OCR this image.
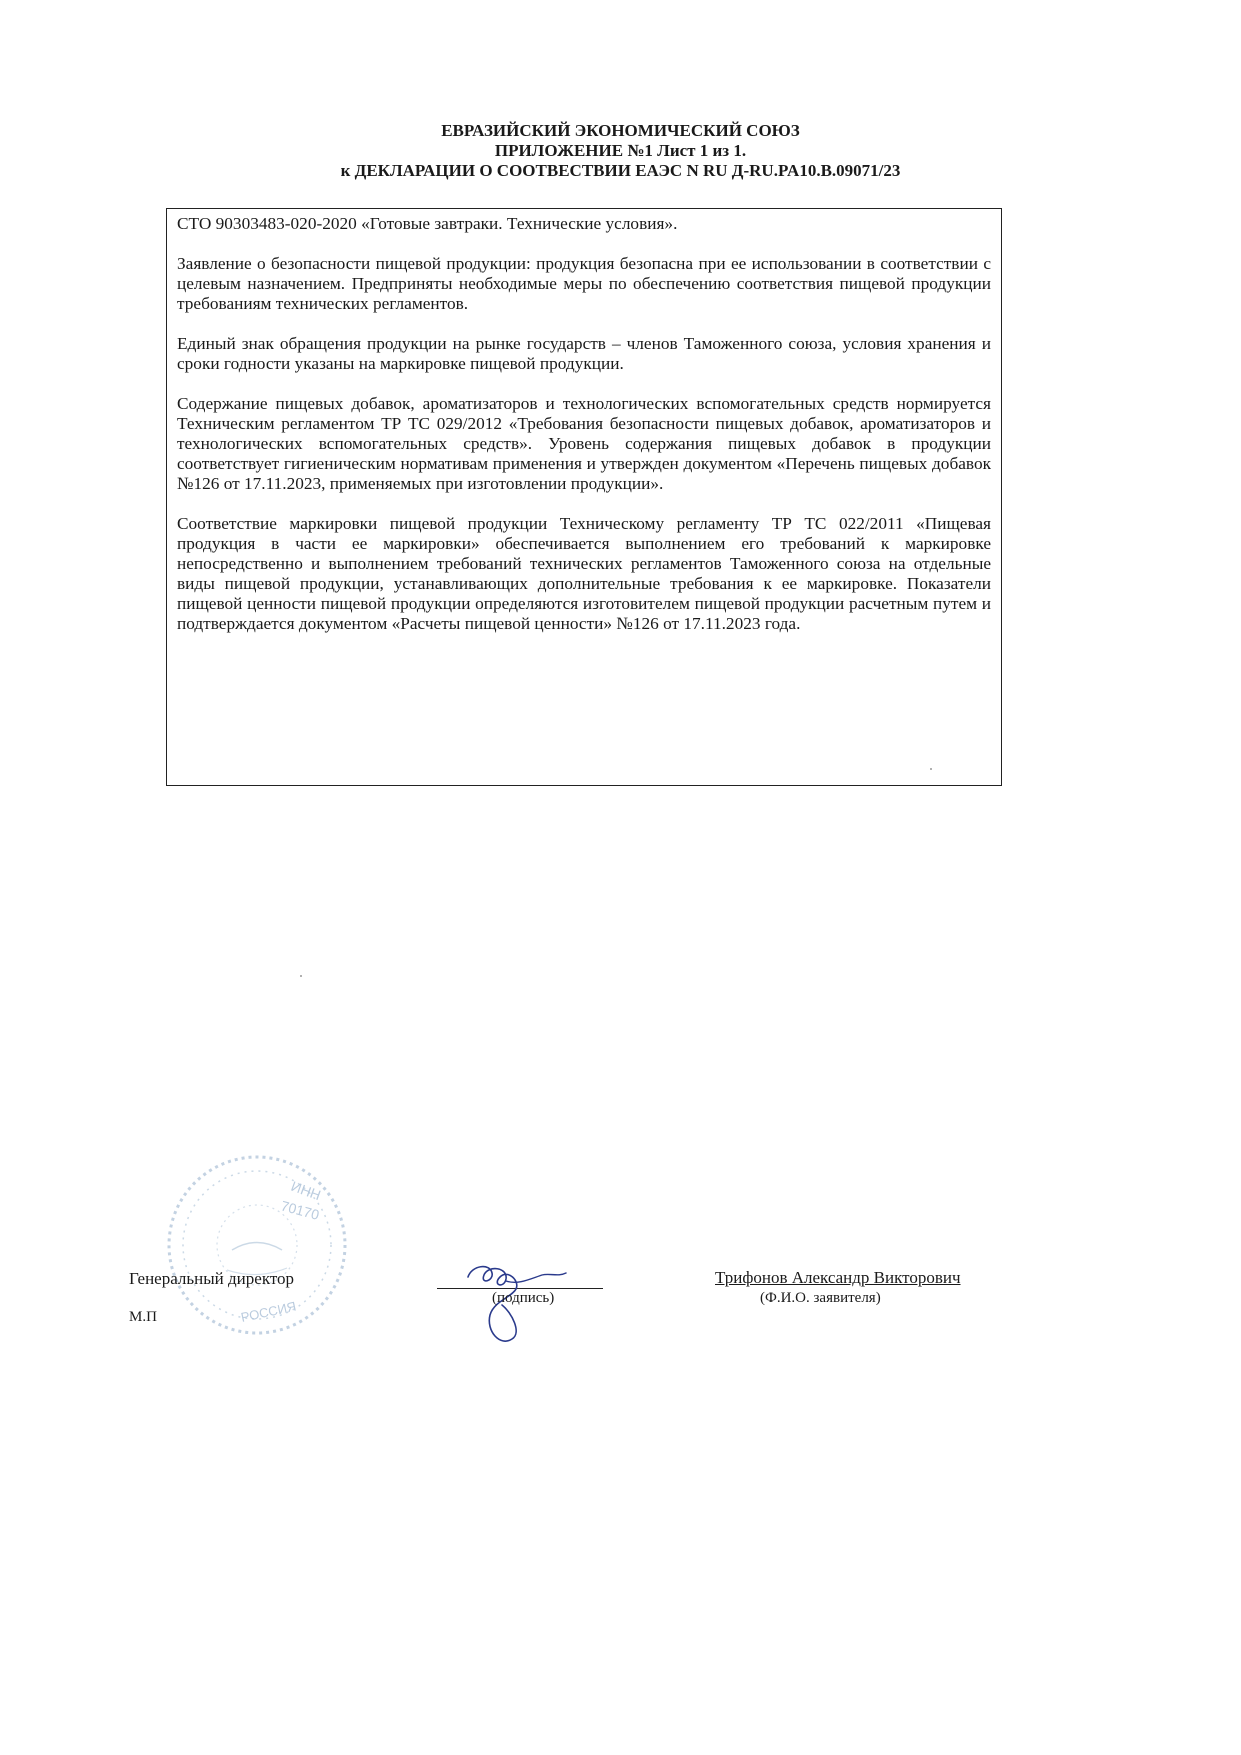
ЕВРАЗИЙСКИЙ ЭКОНОМИЧЕСКИЙ СОЮЗ
ПРИЛОЖЕНИЕ №1 Лист 1 из 1.
к ДЕКЛАРАЦИИ О СООТВЕСТВИИ ЕАЭС N RU Д-RU.PA10.B.09071/23

СТО 90303483-020-2020 «Готовые завтраки. Технические условия».

Заявление о безопасности пищевой продукции: продукция безопасна при ее использовании в соответствии с целевым назначением. Предприняты необходимые меры по обеспечению соответствия пищевой продукции требованиям технических регламентов.

Единый знак обращения продукции на рынке государств – членов Таможенного союза, условия хранения и сроки годности указаны на маркировке пищевой продукции.

Содержание пищевых добавок, ароматизаторов и технологических вспомогательных средств нормируется Техническим регламентом ТР ТС 029/2012 «Требования безопасности пищевых добавок, ароматизаторов и технологических вспомогательных средств». Уровень содержания пищевых добавок в продукции соответствует гигиеническим нормативам применения и утвержден документом «Перечень пищевых добавок №126 от 17.11.2023, применяемых при изготовлении продукции».

Соответствие маркировки пищевой продукции Техническому регламенту ТР ТС 022/2011 «Пищевая продукция в части ее маркировки» обеспечивается выполнением его требований к маркировке непосредственно и выполнением требований технических регламентов Таможенного союза на отдельные виды пищевой продукции, устанавливающих дополнительные требования к ее маркировке. Показатели пищевой ценности пищевой продукции определяются изготовителем пищевой продукции расчетным путем и подтверждается документом «Расчеты пищевой ценности» №126 от 17.11.2023 года.

ИНН
70170
РОССИЯ
Генеральный директор
М.П
(подпись)
Трифонов Александр Викторович
(Ф.И.О. заявителя)
